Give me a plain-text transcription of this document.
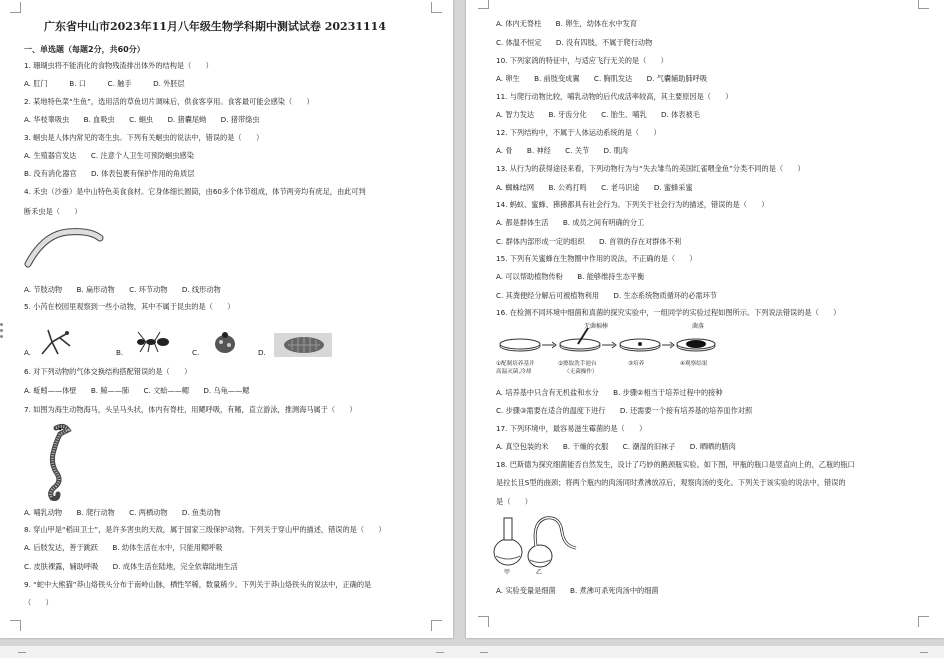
广东省中山市2023年11月八年级生物学科期中测试试卷 20231114
一、单选题（每题2分，共60分）
1. 珊瑚虫将不能消化的食物残渣排出体外的结构是（　　）
A. 肛门　　　B. 口　　　C. 触手　　　D. 外胚层
2. 某地特色菜“生鱼”，选用活的草鱼切片调味后，供食客享用。食客最可能会感染（　　）
A. 华枝睾吸虫　　B. 血吸虫　　C. 蛔虫　　D. 猪囊尾蚴　　D. 猪带绦虫
3. 蛔虫是人体内常见的寄生虫。下列有关蛔虫的说法中，错误的是（　　）
A. 生殖器官发达　　C. 注意个人卫生可预防蛔虫感染
B. 没有消化器官　　D. 体表包裹有保护作用的角质层
4. 禾虫（沙蚕）是中山特色美食食材。它身体细长圆筒，由60多个体节组成，体节两旁均有疣足，由此可判
断禾虫是（　　）
A. 节肢动物　　B. 扁形动物　　C. 环节动物　　D. 线形动物
5. 小芮在校园里观察到一些小动物，其中不属于昆虫的是（　　）
6. 对下列动物的气体交换结构搭配错误的是（　　）
A. 蚯蚓——体壁　　B. 鲸——肺　　C. 文蛤——鳃　　D. 乌龟——鳃
7. 如图为海生动物海马，头呈马头状，体内有脊柱，用鳃呼吸，有鳍，直立游泳，推测海马属于（　　）
A. 哺乳动物　　B. 爬行动物　　C. 两栖动物　　D. 鱼类动物
8. 穿山甲是“稻田卫士”，是许多害虫的天敌，属于国家三级保护动物。下列关于穿山甲的描述，错误的是（　　）
A. 后肢发达，善于跳跃　　B. 幼体生活在水中，只能用鳃呼吸
C. 皮肤裸露，辅助呼吸　　D. 成体生活在陆地，完全依靠陆地生活
9. “蛇中大熊猫”莽山烙铁头分布于南岭山脉，栖性罕稀，数量稀少。下列关于莽山烙铁头的说法中，正确的是
（　　）
A.	B.	C.	D.
A. 体内无脊柱　　B. 卵生，幼体在水中发育
C. 体温不恒定　　D. 没有四肢，不属于爬行动物
10. 下列家鸽的特征中，与适应飞行无关的是（　　）
A. 卵生　　B. 前肢变成翼　　C. 胸肌发达　　D. 气囊辅助肺呼吸
11. 与爬行动物比较，哺乳动物的后代成活率较高，其主要原因是（　　）
A. 智力发达　　B. 牙齿分化　　C. 胎生、哺乳　　D. 体表被毛
12. 下列结构中，不属于人体运动系统的是（　　）
A. 骨　　B. 神经　　C. 关节　　D. 肌肉
13. 从行为的获得途径来看，下列动物行为与“失去雏鸟的美国红雀喂金鱼”分类不同的是（　　）
A. 蜘蛛结网　　B. 公鸡打鸣　　C. 老马识途　　D. 蜜蜂采蜜
14. 蚂蚁、蜜蜂、狒狒都具有社会行为。下列关于社会行为的描述，错误的是（　　）
A. 都是群体生活　　B. 成员之间有明确的分工
C. 群体内部形成一定的组织　　D. 首领的存在对群体不利
15. 下列有关蜜蜂在生物圈中作用的说法，不正确的是（　　）
A. 可以帮助植物传粉　　B. 能够维持生态平衡
C. 其粪便经分解后可被植物利用　　D. 生态系统物质循环的必需环节
16. 在检测不同环境中细菌和真菌的探究实验中，一组同学的实验过程如图所示。下列说法错误的是（　　）
A. 培养基中只含有无机盐和水分　　B. 步骤②相当于培养过程中的接种
C. 步骤③需要在适合的温度下进行　　D. 还需要一个接有培养基的培养皿作对照
17. 下列环境中，最容易滋生霉菌的是（　　）
A. 真空包装的米　　B. 干燥的衣服　　C. 潮湿的旧袜子　　D. 晒晒的腊肉
18. 巴斯德为探究细菌能否自然发生，设计了巧妙的鹅颈瓶实验。如下图，甲瓶的瓶口是竖直向上的，乙瓶的瓶口
是拉长且S型的曲颈；将两个瓶内的肉汤同时煮沸放凉后，观察肉汤的变化。下列关于该实验的说法中，错误的
是（　　）
A. 实验变量是细菌　　B. 煮沸可杀死肉汤中的细菌
无菌棉棒	菌落
①配制培养基并
高温灭菌,冷却
②擦取洗手池台
（无菌操作）
③培养	④观察结果
甲	乙
